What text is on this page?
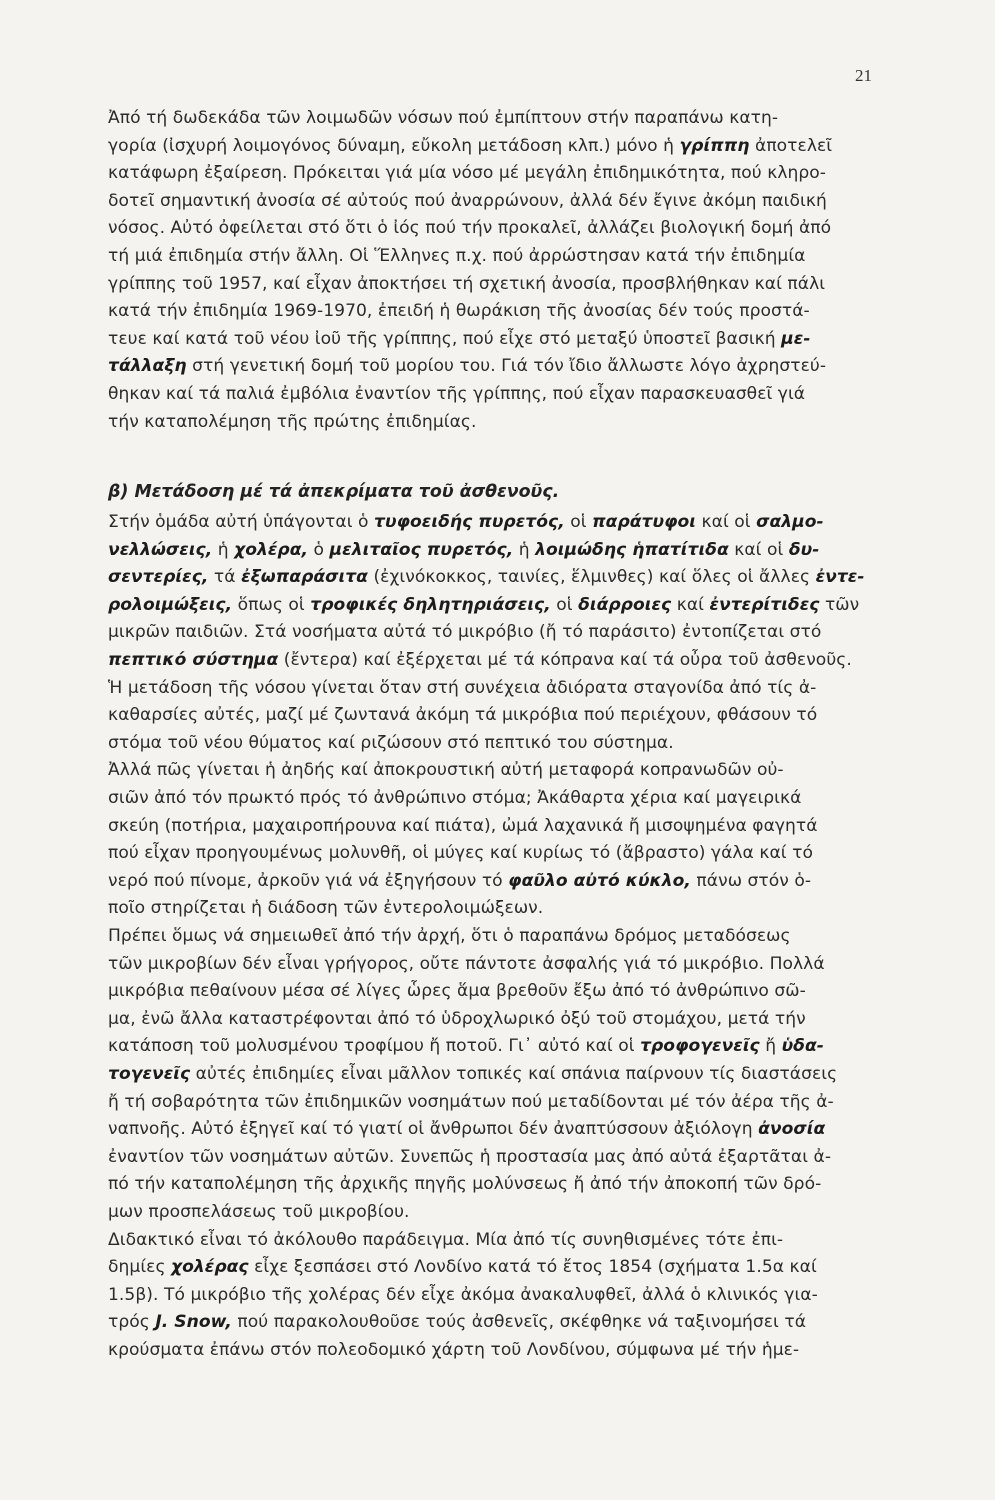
21
Ἀπό τή δωδεκάδα τῶν λοιμωδῶν νόσων πού ἐμπίπτουν στήν παραπάνω κατη-
γορία (ἰσχυρή λοιμογόνος δύναμη, εὔκολη μετάδοση κλπ.) μόνο ἡ γρίππη ἀποτελεῖ
κατάφωρη ἐξαίρεση. Πρόκειται γιά μία νόσο μέ μεγάλη ἐπιδημικότητα, πού κληρο-
δοτεῖ σημαντική ἀνοσία σέ αὐτούς πού ἀναρρώνουν, ἀλλά δέν ἔγινε ἀκόμη παιδική
νόσος. Αὐτό ὀφείλεται στό ὅτι ὁ ἰός πού τήν προκαλεῖ, ἀλλάζει βιολογική δομή ἀπό
τή μιά ἐπιδημία στήν ἄλλη. Οἱ Ἕλληνες π.χ. πού ἀρρώστησαν κατά τήν ἐπιδημία
γρίππης τοῦ 1957, καί εἶχαν ἀποκτήσει τή σχετική ἀνοσία, προσβλήθηκαν καί πάλι
κατά τήν ἐπιδημία 1969-1970, ἐπειδή ἡ θωράκιση τῆς ἀνοσίας δέν τούς προστά-
τευε καί κατά τοῦ νέου ἰοῦ τῆς γρίππης, πού εἶχε στό μεταξύ ὑποστεῖ βασική με-
τάλλαξη στή γενετική δομή τοῦ μορίου του. Γιά τόν ἴδιο ἄλλωστε λόγο ἀχρηστεύ-
θηκαν καί τά παλιά ἐμβόλια ἐναντίον τῆς γρίππης, πού εἶχαν παρασκευασθεῖ γιά
τήν καταπολέμηση τῆς πρώτης ἐπιδημίας.
β) Μετάδοση μέ τά ἀπεκρίματα τοῦ ἀσθενοῦς.
Στήν ὁμάδα αὐτή ὑπάγονται ὁ τυφοειδής πυρετός, οἱ παράτυφοι καί οἱ σαλμο-
νελλώσεις, ἡ χολέρα, ὁ μελιταῖος πυρετός, ἡ λοιμώδης ἡπατίτιδα καί οἱ δυ-
σεντερίες, τά ἐξωπαράσιτα (ἐχινόκοκκος, ταινίες, ἕλμινθες) καί ὅλες οἱ ἄλλες ἐντε-
ρολοιμώξεις, ὅπως οἱ τροφικές δηλητηριάσεις, οἱ διάρροιες καί ἐντερίτιδες τῶν
μικρῶν παιδιῶν. Στά νοσήματα αὐτά τό μικρόβιο (ἤ τό παράσιτο) ἐντοπίζεται στό
πεπτικό σύστημα (ἔντερα) καί ἐξέρχεται μέ τά κόπρανα καί τά οὖρα τοῦ ἀσθενοῦς.
Ἡ μετάδοση τῆς νόσου γίνεται ὅταν στή συνέχεια ἀδιόρατα σταγονίδα ἀπό τίς ἀ-
καθαρσίες αὐτές, μαζί μέ ζωντανά ἀκόμη τά μικρόβια πού περιέχουν, φθάσουν τό
στόμα τοῦ νέου θύματος καί ριζώσουν στό πεπτικό του σύστημα.
Ἀλλά πῶς γίνεται ἡ ἀηδής καί ἀποκρουστική αὐτή μεταφορά κοπρανωδῶν οὐ-
σιῶν ἀπό τόν πρωκτό πρός τό ἀνθρώπινο στόμα; Ἀκάθαρτα χέρια καί μαγειρικά
σκεύη (ποτήρια, μαχαιροπήρουνα καί πιάτα), ὠμά λαχανικά ἤ μισοψημένα φαγητά
πού εἶχαν προηγουμένως μολυνθῆ, οἱ μύγες καί κυρίως τό (ἄβραστο) γάλα καί τό
νερό πού πίνομε, ἀρκοῦν γιά νά ἐξηγήσουν τό φαῦλο αὐτό κύκλο, πάνω στόν ὁ-
ποῖο στηρίζεται ἡ διάδοση τῶν ἐντερολοιμώξεων.
Πρέπει ὅμως νά σημειωθεῖ ἀπό τήν ἀρχή, ὅτι ὁ παραπάνω δρόμος μεταδόσεως
τῶν μικροβίων δέν εἶναι γρήγορος, οὔτε πάντοτε ἀσφαλής γιά τό μικρόβιο. Πολλά
μικρόβια πεθαίνουν μέσα σέ λίγες ὧρες ἅμα βρεθοῦν ἔξω ἀπό τό ἀνθρώπινο σῶ-
μα, ἐνῶ ἄλλα καταστρέφονται ἀπό τό ὑδροχλωρικό ὀξύ τοῦ στομάχου, μετά τήν
κατάποση τοῦ μολυσμένου τροφίμου ἤ ποτοῦ. Γι᾽ αὐτό καί οἱ τροφογενεῖς ἤ ὑδα-
τογενεῖς αὐτές ἐπιδημίες εἶναι μᾶλλον τοπικές καί σπάνια παίρνουν τίς διαστάσεις
ἤ τή σοβαρότητα τῶν ἐπιδημικῶν νοσημάτων πού μεταδίδονται μέ τόν ἀέρα τῆς ἀ-
ναπνοῆς. Αὐτό ἐξηγεῖ καί τό γιατί οἱ ἄνθρωποι δέν ἀναπτύσσουν ἀξιόλογη ἀνοσία
ἐναντίον τῶν νοσημάτων αὐτῶν. Συνεπῶς ἡ προστασία μας ἀπό αὐτά ἐξαρτᾶται ἀ-
πό τήν καταπολέμηση τῆς ἀρχικῆς πηγῆς μολύνσεως ἤ ἀπό τήν ἀποκοπή τῶν δρό-
μων προσπελάσεως τοῦ μικροβίου.
Διδακτικό εἶναι τό ἀκόλουθο παράδειγμα. Μία ἀπό τίς συνηθισμένες τότε ἐπι-
δημίες χολέρας εἶχε ξεσπάσει στό Λονδίνο κατά τό ἔτος 1854 (σχήματα 1.5α καί
1.5β). Τό μικρόβιο τῆς χολέρας δέν εἶχε ἀκόμα ἀνακαλυφθεῖ, ἀλλά ὁ κλινικός για-
τρός J. Snow, πού παρακολουθοῦσε τούς ἀσθενεῖς, σκέφθηκε νά ταξινομήσει τά
κρούσματα ἐπάνω στόν πολεοδομικό χάρτη τοῦ Λονδίνου, σύμφωνα μέ τήν ἡμε-
